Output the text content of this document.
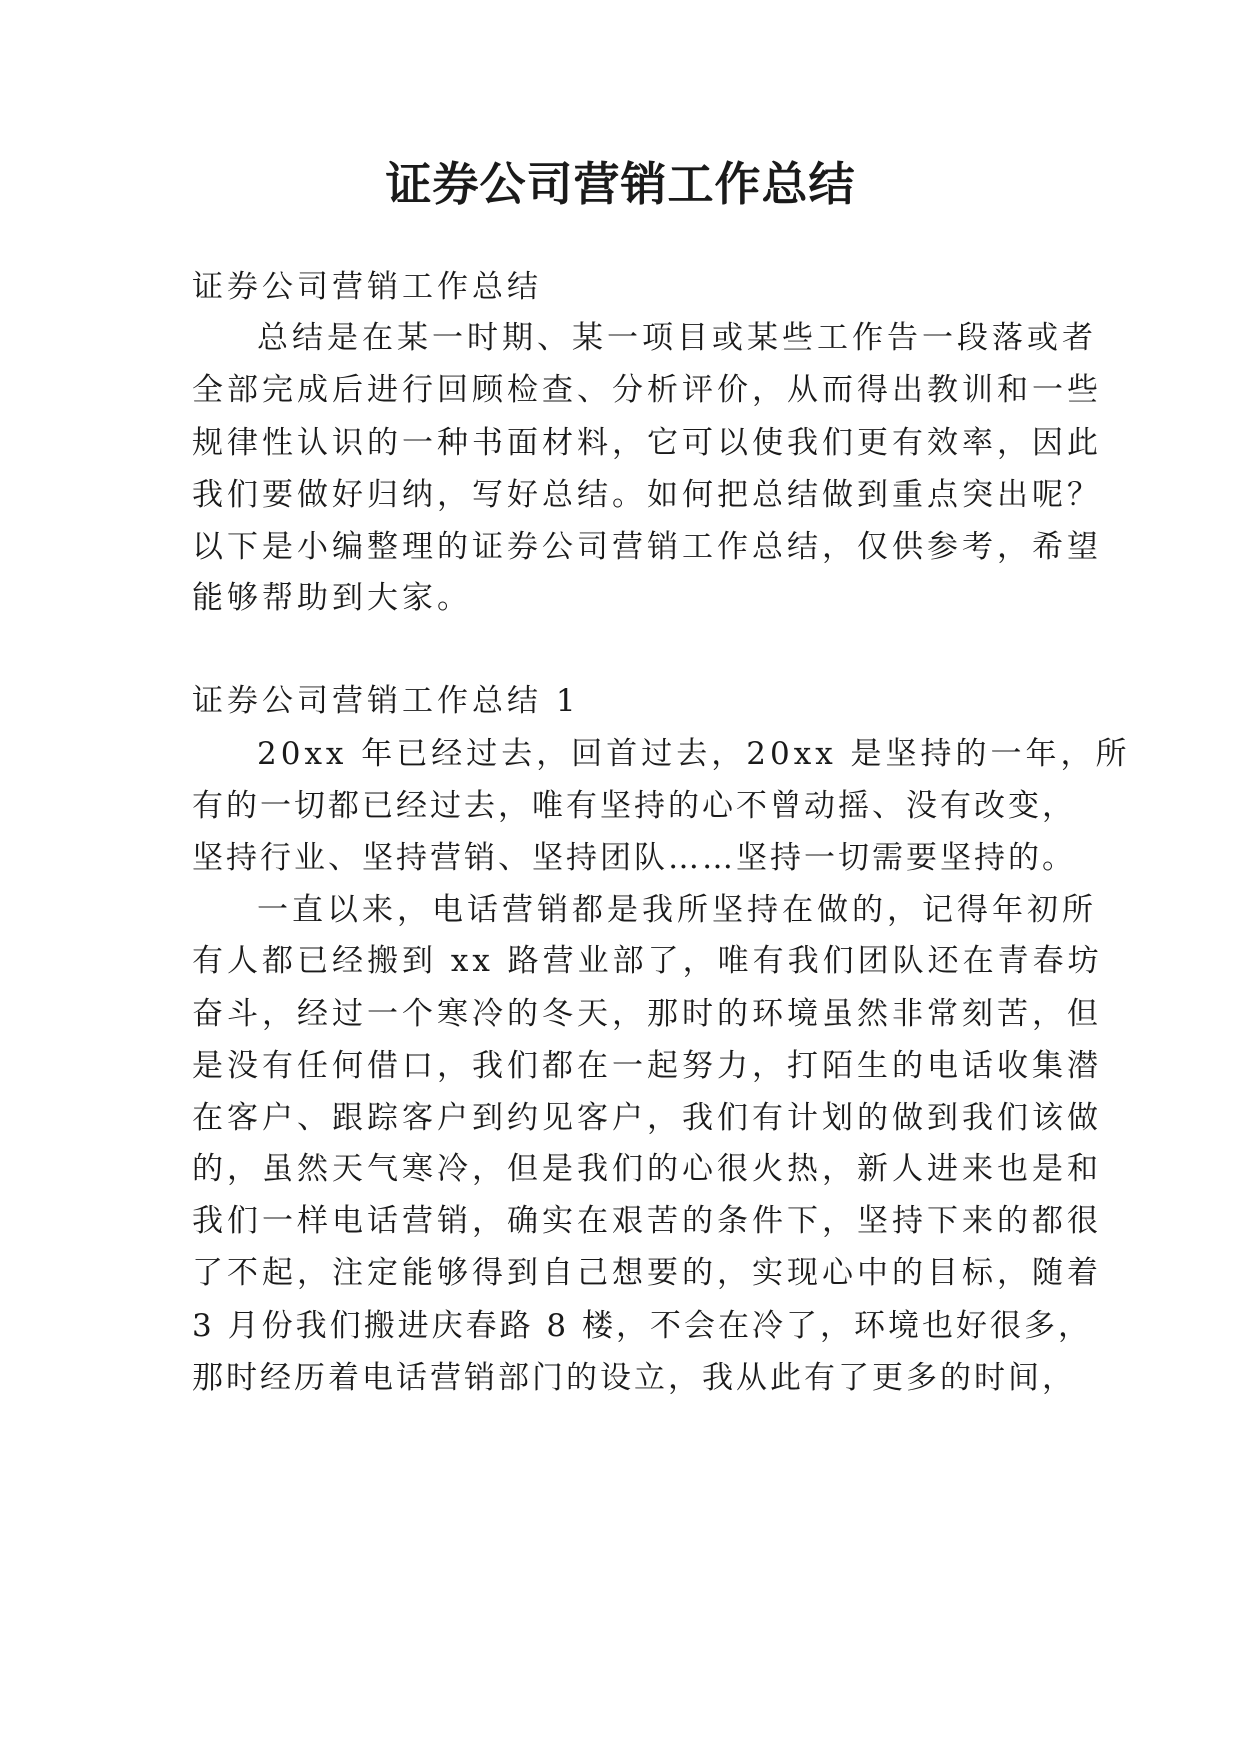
证券公司营销工作总结

证券公司营销工作总结

总结是在某一时期、某一项目或某些工作告一段落或者

全部完成后进行回顾检查、分析评价，从而得出教训和一些

规律性认识的一种书面材料，它可以使我们更有效率，因此

我们要做好归纳，写好总结。如何把总结做到重点突出呢？

以下是小编整理的证券公司营销工作总结，仅供参考，希望

能够帮助到大家。

证券公司营销工作总结 1

20xx 年已经过去，回首过去，20xx 是坚持的一年，所

有的一切都已经过去，唯有坚持的心不曾动摇、没有改变，

坚持行业、坚持营销、坚持团队……坚持一切需要坚持的。

一直以来，电话营销都是我所坚持在做的，记得年初所

有人都已经搬到 xx 路营业部了，唯有我们团队还在青春坊

奋斗，经过一个寒冷的冬天，那时的环境虽然非常刻苦，但

是没有任何借口，我们都在一起努力，打陌生的电话收集潜

在客户、跟踪客户到约见客户，我们有计划的做到我们该做

的，虽然天气寒冷，但是我们的心很火热，新人进来也是和

我们一样电话营销，确实在艰苦的条件下，坚持下来的都很

了不起，注定能够得到自己想要的，实现心中的目标，随着

3 月份我们搬进庆春路 8 楼，不会在冷了，环境也好很多，

那时经历着电话营销部门的设立，我从此有了更多的时间，
